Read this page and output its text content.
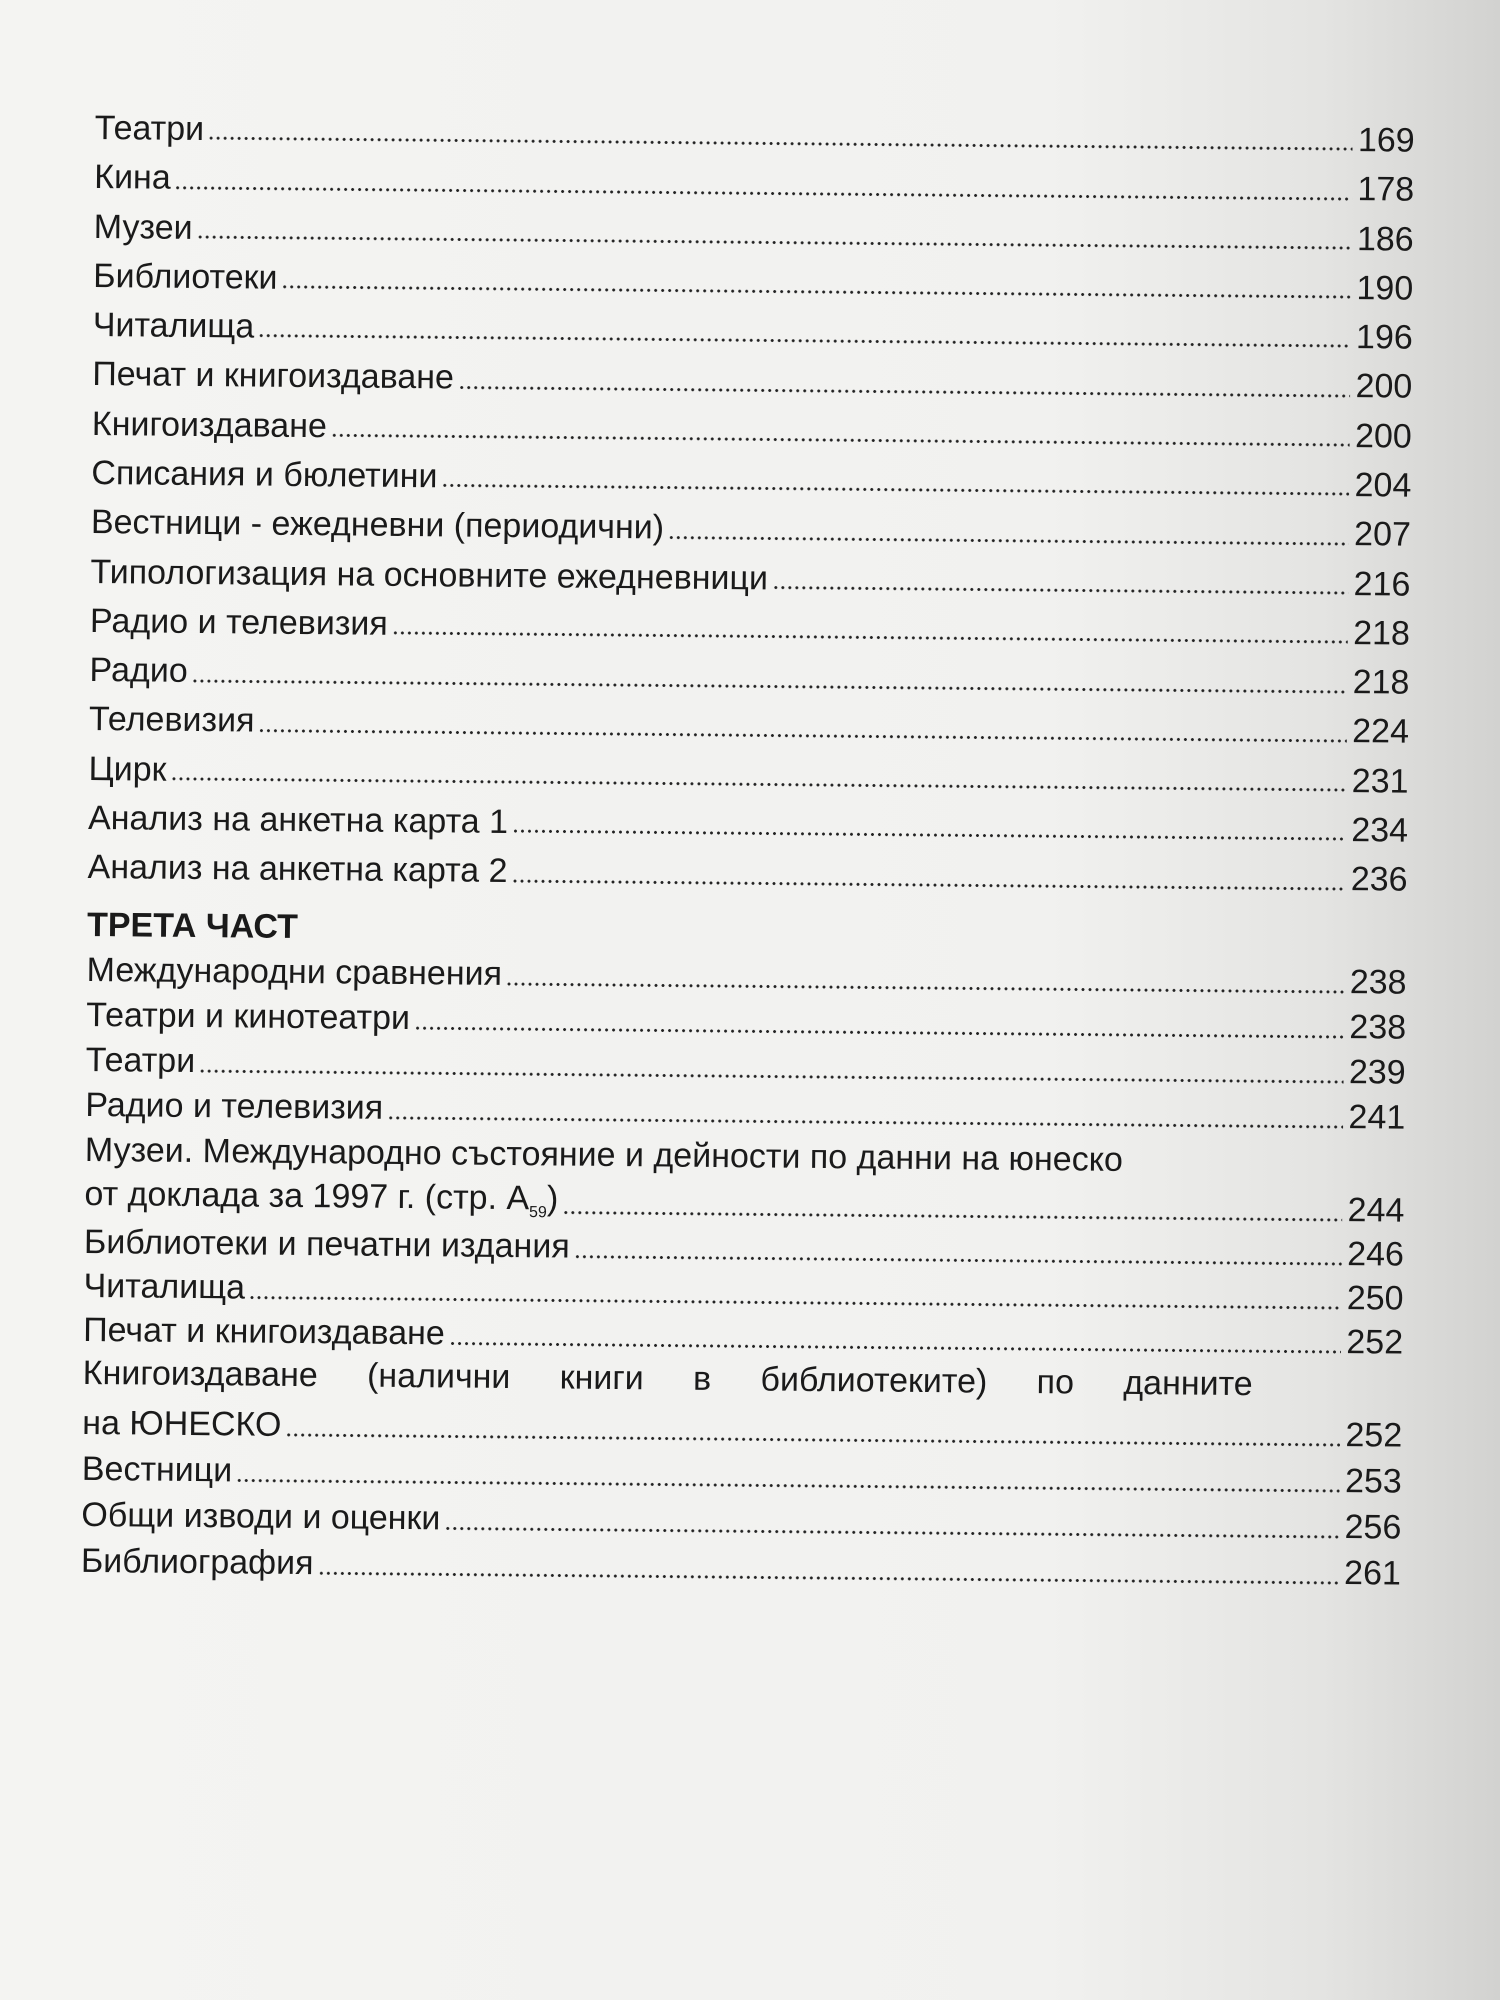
Театри	169
Кина	178
Музеи	186
Библиотеки	190
Читалища	196
Печат и книгоиздаване	200
Книгоиздаване	200
Списания и бюлетини	204
Вестници - ежедневни (периодични)	207
Типологизация на основните ежедневници	216
Радио и телевизия	218
Радио	218
Телевизия	224
Цирк	231
Анализ на анкетна карта 1	234
Анализ на анкетна карта 2	236
ТРЕТА ЧАСТ
Международни сравнения	238
Театри и кинотеатри	238
Театри	239
Радио и телевизия	241
Музеи. Международно състояние и дейности по данни на юнеско
от доклада за 1997 г. (стр. $А_{59}$)	244
Библиотеки и печатни издания	246
Читалища	250
Печат и книгоиздаване	252
Книгоиздаване (налични книги в библиотеките) по данните
на ЮНЕСКО	252
Вестници	253
Общи изводи и оценки	256
Библиография	261
